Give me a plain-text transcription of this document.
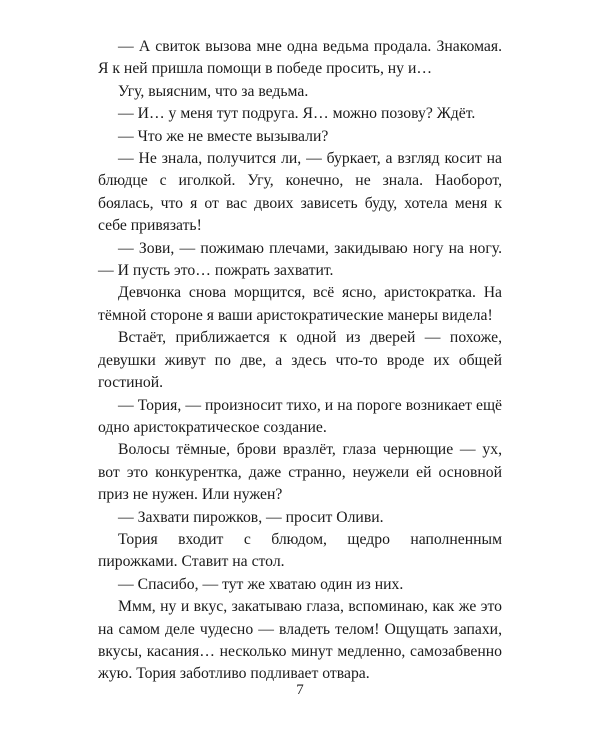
— А свиток вызова мне одна ведьма продала. Знакомая. Я к ней пришла помощи в победе просить, ну и…

Угу, выясним, что за ведьма.

— И… у меня тут подруга. Я… можно позову? Ждёт.

— Что же не вместе вызывали?

— Не знала, получится ли, — буркает, а взгляд косит на блюдце с иголкой. Угу, конечно, не знала. Наоборот, боялась, что я от вас двоих зависеть буду, хотела меня к себе привязать!

— Зови, — пожимаю плечами, закидываю ногу на ногу. — И пусть это… пожрать захватит.

Девчонка снова морщится, всё ясно, аристократка. На тёмной стороне я ваши аристократические манеры видела!

Встаёт, приближается к одной из дверей — похоже, девушки живут по две, а здесь что-то вроде их общей гостиной.

— Тория, — произносит тихо, и на пороге возникает ещё одно аристократическое создание.

Волосы тёмные, брови вразлёт, глаза чернющие — ух, вот это конкурентка, даже странно, неужели ей основной приз не нужен. Или нужен?

— Захвати пирожков, — просит Оливи.

Тория входит с блюдом, щедро наполненным пирожками. Ставит на стол.

— Спасибо, — тут же хватаю один из них.

Ммм, ну и вкус, закатываю глаза, вспоминаю, как же это на самом деле чудесно — владеть телом! Ощущать запахи, вкусы, касания… несколько минут медленно, самозабвенно жую. Тория заботливо подливает отвара.

7
